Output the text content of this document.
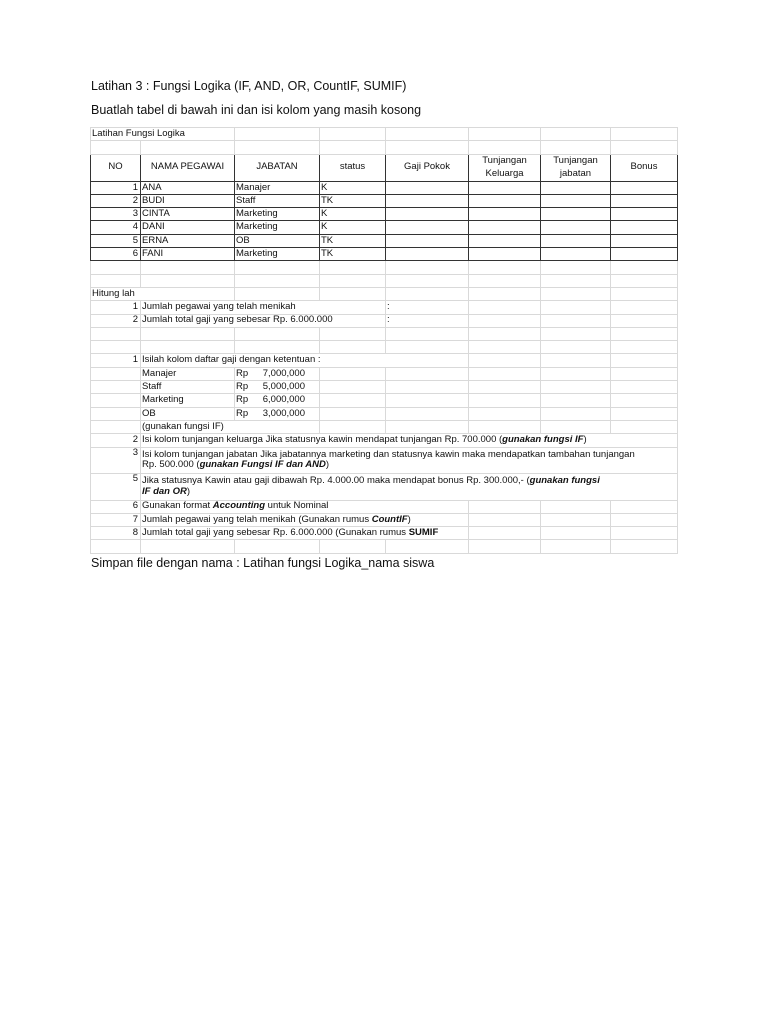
Latihan 3 : Fungsi Logika (IF, AND, OR, CountIF, SUMIF)
Buatlah tabel di bawah ini dan isi kolom yang masih kosong
Latihan Fungsi Logika							

NO	NAMA PEGAWAI	JABATAN	status	Gaji Pokok	Tunjangan Keluarga	Tunjangan jabatan	Bonus
1	ANA	Manajer	K				
2	BUDI	Staff	TK				
3	CINTA	Marketing	K				
4	DANI	Marketing	K				
5	ERNA	OB	TK				
6	FANI	Marketing	TK				

Hitung lah							
1	Jumlah pegawai yang telah menikah			:			
2	Jumlah total gaji yang sebesar Rp. 6.000.000			:			

1	Isilah kolom daftar gaji dengan ketentuan :						
	Manajer	Rp 7,000,000					
	Staff	Rp 5,000,000					
	Marketing	Rp 6,000,000					
	OB	Rp 3,000,000					
	(gunakan fungsi IF)						
2	Isi kolom tunjangan keluarga Jika statusnya kawin mendapat tunjangan Rp. 700.000 (gunakan fungsi IF)						
3	Isi kolom tunjangan jabatan Jika jabatannya marketing dan statusnya kawin maka mendapatkan tambahan tunjangan Rp. 500.000 (gunakan Fungsi IF dan AND)						
5	Jika statusnya Kawin atau gaji dibawah Rp. 4.000.00 maka mendapat bonus Rp. 300.000,- (gunakan fungsi IF dan OR)						
6	Gunakan format Accounting untuk Nominal						
7	Jumlah pegawai yang telah menikah (Gunakan rumus CountIF)						
8	Jumlah total gaji yang sebesar Rp. 6.000.000 (Gunakan rumus SUMIF						

Simpan file dengan nama : Latihan fungsi Logika_nama siswa
